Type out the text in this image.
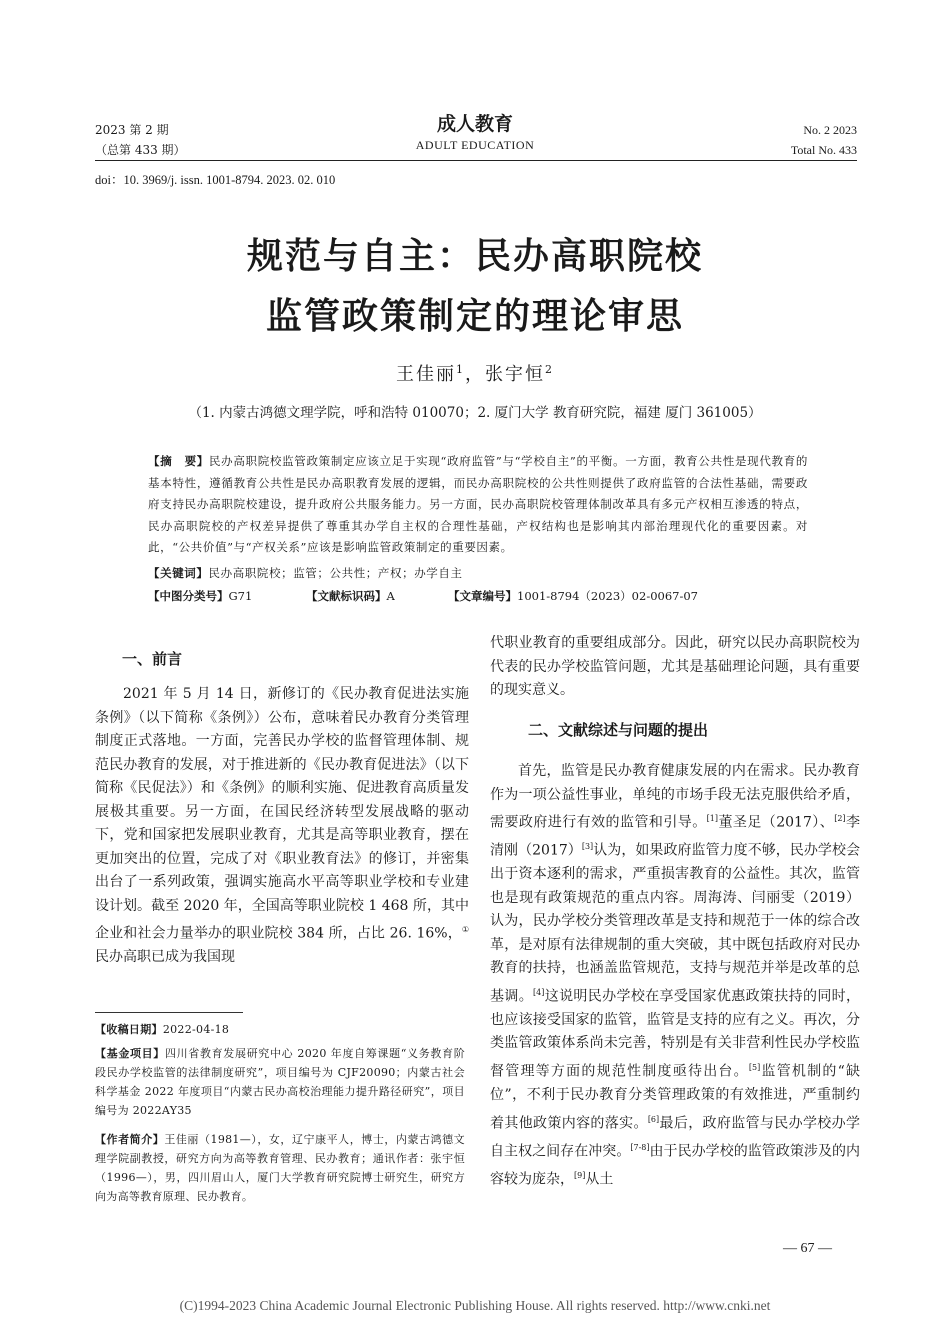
2023 第 2 期
（总第 433 期）
成人教育
ADULT EDUCATION
No. 2 2023
Total No. 433
doi：10. 3969/j. issn. 1001-8794. 2023. 02. 010
规范与自主：民办高职院校
监管政策制定的理论审思
王佳丽$^1$，张宇恒$^2$
（1. 内蒙古鸿德文理学院，呼和浩特 010070；2. 厦门大学 教育研究院，福建 厦门 361005）
【摘　要】民办高职院校监管政策制定应该立足于实现“政府监管”与“学校自主”的平衡。一方面，教育公共性是现代教育的基本特性，遵循教育公共性是民办高职教育发展的逻辑，而民办高职院校的公共性则提供了政府监管的合法性基础，需要政府支持民办高职院校建设，提升政府公共服务能力。另一方面，民办高职院校管理体制改革具有多元产权相互渗透的特点，民办高职院校的产权差异提供了尊重其办学自主权的合理性基础，产权结构也是影响其内部治理现代化的重要因素。对此，“公共价值”与“产权关系”应该是影响监管政策制定的重要因素。
【关键词】民办高职院校；监管；公共性；产权；办学自主
【中图分类号】G71	【文献标识码】A	【文章编号】1001-8794（2023）02-0067-07
一、前言
2021 年 5 月 14 日，新修订的《民办教育促进法实施条例》（以下简称《条例》）公布，意味着民办教育分类管理制度正式落地。一方面，完善民办学校的监督管理体制、规范民办教育的发展，对于推进新的《民办教育促进法》（以下简称《民促法》）和《条例》的顺利实施、促进教育高质量发展极其重要。另一方面，在国民经济转型发展战略的驱动下，党和国家把发展职业教育，尤其是高等职业教育，摆在更加突出的位置，完成了对《职业教育法》的修订，并密集出台了一系列政策，强调实施高水平高等职业学校和专业建设计划。截至 2020 年，全国高等职业院校 1 468 所，其中企业和社会力量举办的职业院校 384 所，占比 26. 16%，①民办高职已成为我国现
【收稿日期】2022-04-18
【基金项目】四川省教育发展研究中心 2020 年度自筹课题“义务教育阶段民办学校监管的法律制度研究”，项目编号为 CJF20090；内蒙古社会科学基金 2022 年度项目“内蒙古民办高校治理能力提升路径研究”，项目编号为 2022AY35
【作者简介】王佳丽（1981—），女，辽宁康平人，博士，内蒙古鸿德文理学院副教授，研究方向为高等教育管理、民办教育；通讯作者：张宇恒（1996—），男，四川眉山人，厦门大学教育研究院博士研究生，研究方向为高等教育原理、民办教育。
代职业教育的重要组成部分。因此，研究以民办高职院校为代表的民办学校监管问题，尤其是基础理论问题，具有重要的现实意义。
二、文献综述与问题的提出
首先，监管是民办教育健康发展的内在需求。民办教育作为一项公益性事业，单纯的市场手段无法克服供给矛盾，需要政府进行有效的监管和引导。[1]董圣足（2017）、[2]李清刚（2017）[3]认为，如果政府监管力度不够，民办学校会出于资本逐利的需求，严重损害教育的公益性。其次，监管也是现有政策规范的重点内容。周海涛、闫丽雯（2019）认为，民办学校分类管理改革是支持和规范于一体的综合改革，是对原有法律规制的重大突破，其中既包括政府对民办教育的扶持，也涵盖监管规范，支持与规范并举是改革的总基调。[4]这说明民办学校在享受国家优惠政策扶持的同时，也应该接受国家的监管，监管是支持的应有之义。再次，分类监管政策体系尚未完善，特别是有关非营利性民办学校监督管理等方面的规范性制度亟待出台。[5]监管机制的“缺位”，不利于民办教育分类管理政策的有效推进，严重制约着其他政策内容的落实。[6]最后，政府监管与民办学校办学自主权之间存在冲突。[7-8]由于民办学校的监管政策涉及的内容较为庞杂，[9]从土
— 67 —
(C)1994-2023 China Academic Journal Electronic Publishing House. All rights reserved. http://www.cnki.net
